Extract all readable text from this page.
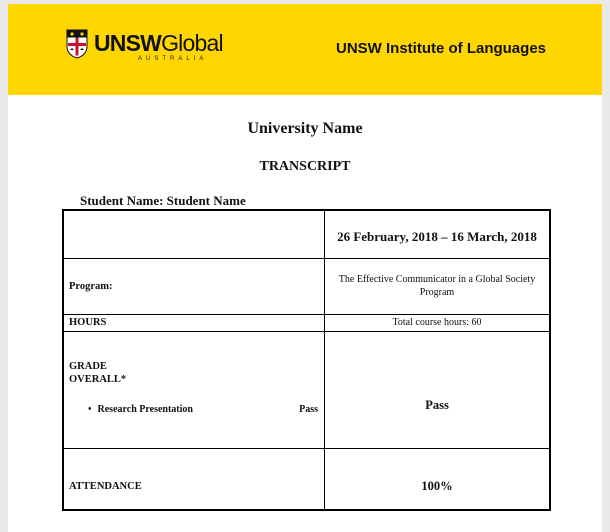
UNSWGlobal
AUSTRALIA
UNSW Institute of Languages
University Name
TRANSCRIPT
Student Name: Student Name
	26 February, 2018 – 16 March, 2018
Program:	The Effective Communicator in a Global Society Program
HOURS	Total course hours: 60

GRADE
OVERALL*
• Research Presentation Pass	Pass
ATTENDANCE	100%
